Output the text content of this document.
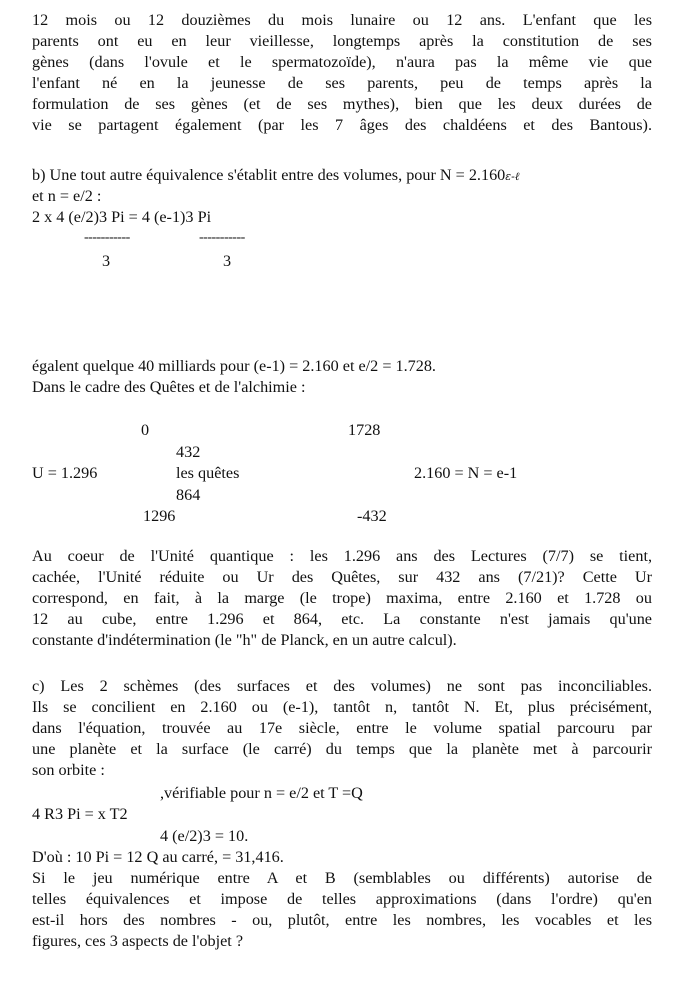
12 mois ou 12 douzièmes du mois lunaire ou 12 ans. L'enfant que les
parents ont eu en leur vieillesse, longtemps après la constitution de ses
gènes (dans l'ovule et le spermatozoïde), n'aura pas la même vie que
l'enfant né en la jeunesse de ses parents, peu de temps après la
formulation de ses gènes (et de ses mythes), bien que les deux durées de
vie se partagent également (par les 7 âges des chaldéens et des Bantous).
b) Une tout autre équivalence s'établit entre des volumes, pour N = 2.160ε-ℓ
et n = e/2 :
2 x 4 (e/2)3 Pi = 4 (e-1)3 Pi
-----------	-----------
3	3
égalent quelque 40 milliards pour (e-1) = 2.160 et e/2 = 1.728.
Dans le cadre des Quêtes et de l'alchimie :
0	1728
432
U = 1.296	les quêtes	2.160 = N = e-1
864
1296	-432
Au coeur de l'Unité quantique : les 1.296 ans des Lectures (7/7) se tient,
cachée, l'Unité réduite ou Ur des Quêtes, sur 432 ans (7/21)? Cette Ur
correspond, en fait, à la marge (le trope) maxima, entre 2.160 et 1.728 ou
12 au cube, entre 1.296 et 864, etc. La constante n'est jamais qu'une
constante d'indétermination (le "h" de Planck, en un autre calcul).
c) Les 2 schèmes (des surfaces et des volumes) ne sont pas inconciliables.
Ils se concilient en 2.160 ou (e-1), tantôt n, tantôt N. Et, plus précisément,
dans l'équation, trouvée au 17e siècle, entre le volume spatial parcouru par
une planète et la surface (le carré) du temps que la planète met à parcourir
son orbite :
,vérifiable pour n = e/2 et T =Q
4 R3 Pi = x T2
4 (e/2)3 = 10.
D'où : 10 Pi = 12 Q au carré, = 31,416.
Si le jeu numérique entre A et B (semblables ou différents) autorise de
telles équivalences et impose de telles approximations (dans l'ordre) qu'en
est-il hors des nombres - ou, plutôt, entre les nombres, les vocables et les
figures, ces 3 aspects de l'objet ?
